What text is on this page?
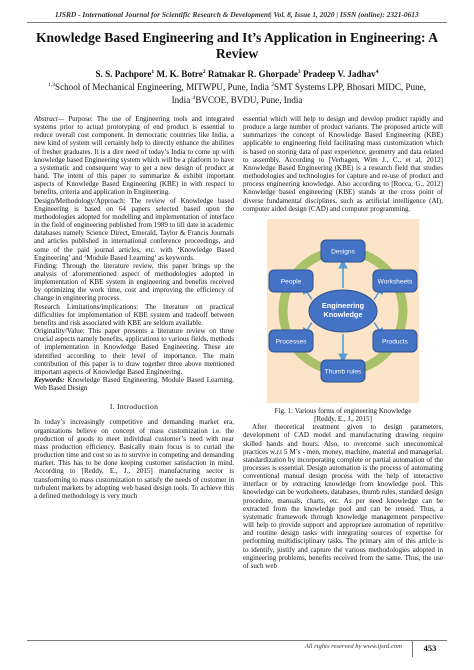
IJSRD - International Journal for Scientific Research & Development| Vol. 8, Issue 1, 2020 | ISSN (online): 2321-0613
Knowledge Based Engineering and It’s Application in Engineering: A Review
S. S. Pachpore$^1$ M. K. Botre$^2$ Ratnakar R. Ghorpade$^3$ Pradeep V. Jadhav$^4$
$^{1,3}$School of Mechanical Engineering, MITWPU, Pune, India $^2$SMT Systems LPP, Bhosari MIDC, Pune,
India $^4$BVCOE, BVDU, Pune, India

Abstract— Purpose: The use of Engineering tools and integrated systems prior to actual prototyping of end product is essential to reduce overall cost component. In democratic countries like India, a new kind of system will certainly help to directly enhance the abilities of fresher graduates. It is a dire need of today’s India to come up with knowledge based Engineering system which will be a platform to have a systematic and consequent way to get a new design of product at hand. The intent of this paper to summarize & exhibit important aspects of Knowledge Based Engineering (KBE) in with respect to benefits, criteria and application in Engineering.

Design/Methodology/Approach: The review of Knowledge based Engineering is based on 64 papers selected based upon the methodologies adopted for modelling and implementation of interface in the field of engineering published from 1989 to till date in academic databases namely Science Direct, Emerald, Taylor & Francis Journals and articles published in international conference proceedings, and some of the paid journal articles, etc. with ‘Knowledge Based Engineering’ and ‘Module Based Learning’ as keywords.

Finding: Through the literature review, this paper brings up the analysis of aforementioned aspect of methodologies adopted in implementation of KBE system in engineering and benefits received by optimizing the work time, cost and improving the efficiency of change in engineering process.

Research Limitations/implications: The literature on practical difficulties for implementation of KBE system and tradeoff between benefits and risk associated with KBE are seldom available.

Originality/Value: This paper presents a literature review on three crucial aspects namely benefits, applications to various fields, methods of implementation in Knowledge Based Engineering. These are identified according to their level of importance. The main contribution of this paper is to draw together three above mentioned important aspects of Knowledge Based Engineering.

Keywords: Knowledge Based Engineering, Module Based Learning, Web Based Design

I. Introduction

In today’s increasingly competitive and demanding market era, organizations believe on concept of mass customization i.e. the production of goods to meet individual customer’s need with near mass production efficiency. Basically main focus is to curtail the production time and cost so as to survive in competing and demanding market. This has to be done keeping customer satisfaction in mind. According to [Reddy, E., J., 2015] manufacturing sector is transforming to mass customization to satisfy the needs of customer in turbulent markets by adopting web based design tools. To achieve this a defined methodology is very much

essential which will help to design and develop product rapidly and produce a large number of product variants. The proposed article will summarizes the concept of Knowledge Based Engineering (KBE) applicable to engineering field facilitating mass customization which is based on storing data of past experience, geometry and data related to assembly. According to [Verhagen, Wim J., C., et al, 2012] Knowledge Based Engineering (KBE) is a research field that studies methodologies and technologies for capture and re-use of product and process engineering knowledge. Also according to [Rocca, G., 2012] Knowledge based engineering (KBE) stands at the cross point of diverse fundamental disciplines, such as artificial intelligence (AI), computer aided design (CAD) and computer programming.

Designs
Worksheets
Products
Thumb rules
Processes
People
Engineering
Knowledge
Fig. 1: Various forms of engineering Knowledge
[Reddy, E., J., 2015]

After theoretical treatment given to design parameters, development of CAD model and manufacturing drawing require skilled hands and hours. Also, to overcome such uneconomical practices w.r.t 5 M’s - men, money, machine, material and managerial, standardization by incorporating complete or partial automation of the processes is essential. Design automation is the process of automating conventional manual design process with the help of interactive interface or by extracting knowledge from knowledge pool. This knowledge can be worksheets, databases, thumb rules, standard design procedure, manuals, charts, etc. As per need knowledge can be extracted from the knowledge pool and can be reused. Thus, a systematic framework through knowledge management perspective will help to provide support and appropriate automation of repetitive and routine design tasks with integrating sources of expertise for performing multidisciplinary tasks. The primary aim of this article is to identify, justify and capture the various methodologies adopted in engineering problems, benefits received from the same. Thus, the use of such web

All rights reserved by www.ijsrd.com	453
